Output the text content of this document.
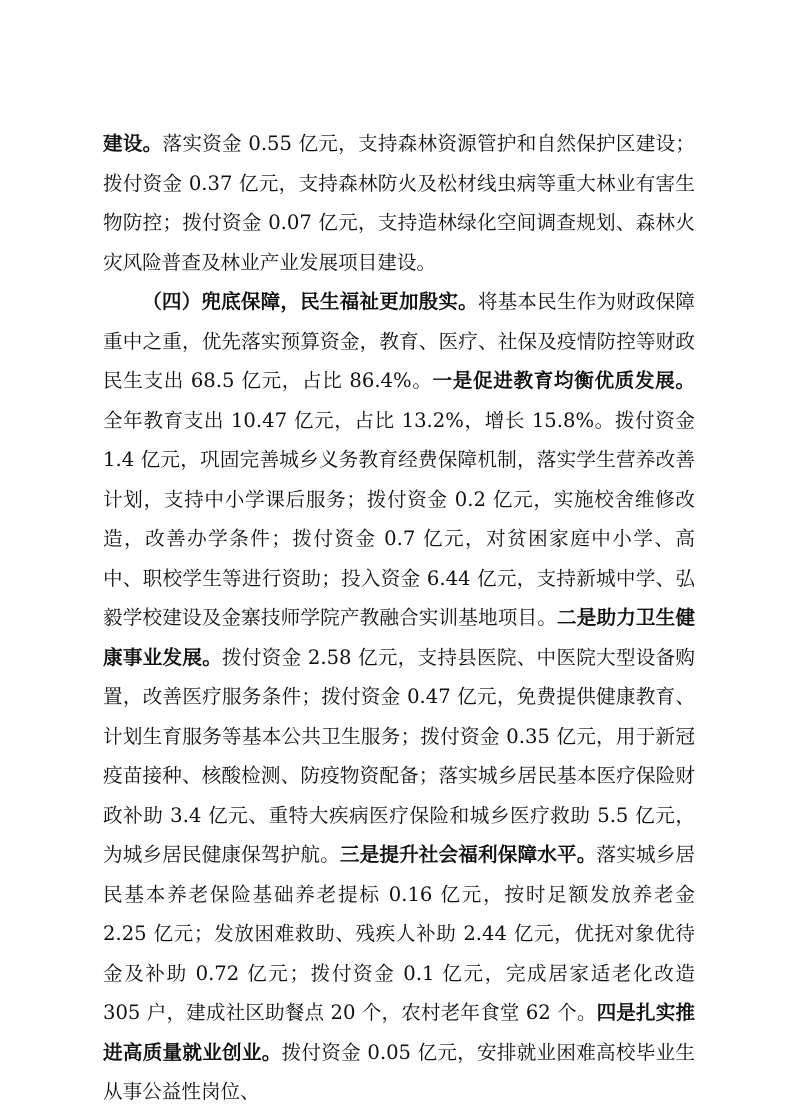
建设。落实资金 0.55 亿元，支持森林资源管护和自然保护区建设；拨付资金 0.37 亿元，支持森林防火及松材线虫病等重大林业有害生物防控；拨付资金 0.07 亿元，支持造林绿化空间调查规划、森林火灾风险普查及林业产业发展项目建设。

（四）兜底保障，民生福祉更加殷实。将基本民生作为财政保障重中之重，优先落实预算资金，教育、医疗、社保及疫情防控等财政民生支出 68.5 亿元，占比 86.4%。一是促进教育均衡优质发展。全年教育支出 10.47 亿元，占比 13.2%，增长 15.8%。拨付资金 1.4 亿元，巩固完善城乡义务教育经费保障机制，落实学生营养改善计划，支持中小学课后服务；拨付资金 0.2 亿元，实施校舍维修改造，改善办学条件；拨付资金 0.7 亿元，对贫困家庭中小学、高中、职校学生等进行资助；投入资金 6.44 亿元，支持新城中学、弘毅学校建设及金寨技师学院产教融合实训基地项目。二是助力卫生健康事业发展。拨付资金 2.58 亿元，支持县医院、中医院大型设备购置，改善医疗服务条件；拨付资金 0.47 亿元，免费提供健康教育、计划生育服务等基本公共卫生服务；拨付资金 0.35 亿元，用于新冠疫苗接种、核酸检测、防疫物资配备；落实城乡居民基本医疗保险财政补助 3.4 亿元、重特大疾病医疗保险和城乡医疗救助 5.5 亿元，为城乡居民健康保驾护航。三是提升社会福利保障水平。落实城乡居民基本养老保险基础养老提标 0.16 亿元，按时足额发放养老金 2.25 亿元；发放困难救助、残疾人补助 2.44 亿元，优抚对象优待金及补助 0.72 亿元；拨付资金 0.1 亿元，完成居家适老化改造 305 户，建成社区助餐点 20 个，农村老年食堂 62 个。四是扎实推进高质量就业创业。拨付资金 0.05 亿元，安排就业困难高校毕业生从事公益性岗位、
